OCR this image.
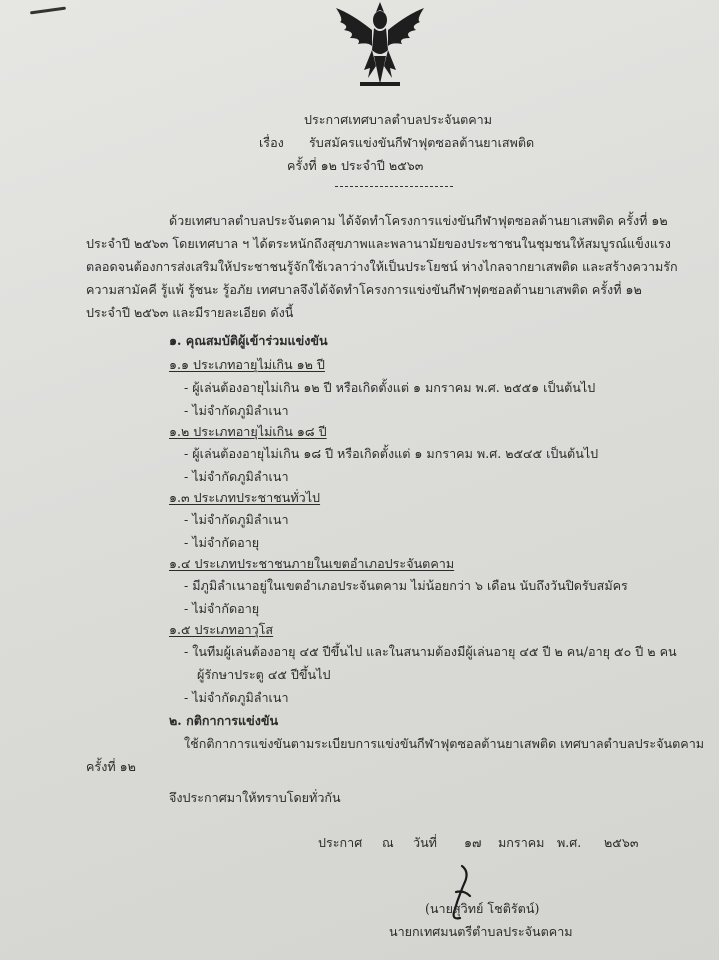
ประกาศเทศบาลตำบลประจันตคาม
เรื่อง รับสมัครแข่งขันกีฬาฟุตซอลต้านยาเสพติด
ครั้งที่ ๑๒ ประจำปี ๒๕๖๓
ด้วยเทศบาลตำบลประจันตคาม ได้จัดทำโครงการแข่งขันกีฬาฟุตซอลต้านยาเสพติด ครั้งที่ ๑๒
ประจำปี ๒๕๖๓ โดยเทศบาล ฯ ได้ตระหนักถึงสุขภาพและพลานามัยของประชาชนในชุมชนให้สมบูรณ์แข็งแรง
ตลอดจนต้องการส่งเสริมให้ประชาชนรู้จักใช้เวลาว่างให้เป็นประโยชน์ ห่างไกลจากยาเสพติด และสร้างความรัก
ความสามัคคี รู้แพ้ รู้ชนะ รู้อภัย เทศบาลจึงได้จัดทำโครงการแข่งขันกีฬาฟุตซอลต้านยาเสพติด ครั้งที่ ๑๒
ประจำปี ๒๕๖๓ และมีรายละเอียด ดังนี้
๑. คุณสมบัติผู้เข้าร่วมแข่งขัน
๑.๑ ประเภทอายุไม่เกิน ๑๒ ปี
- ผู้เล่นต้องอายุไม่เกิน ๑๒ ปี หรือเกิดตั้งแต่ ๑ มกราคม พ.ศ. ๒๕๕๑ เป็นต้นไป
- ไม่จำกัดภูมิลำเนา
๑.๒ ประเภทอายุไม่เกิน ๑๘ ปี
- ผู้เล่นต้องอายุไม่เกิน ๑๘ ปี หรือเกิดตั้งแต่ ๑ มกราคม พ.ศ. ๒๕๔๕ เป็นต้นไป
- ไม่จำกัดภูมิลำเนา
๑.๓ ประเภทประชาชนทั่วไป
- ไม่จำกัดภูมิลำเนา
- ไม่จำกัดอายุ
๑.๔ ประเภทประชาชนภายในเขตอำเภอประจันตคาม
- มีภูมิลำเนาอยู่ในเขตอำเภอประจันตคาม ไม่น้อยกว่า ๖ เดือน นับถึงวันปิดรับสมัคร
- ไม่จำกัดอายุ
๑.๕ ประเภทอาวุโส
- ในทีมผู้เล่นต้องอายุ ๔๕ ปีขึ้นไป และในสนามต้องมีผู้เล่นอายุ ๔๕ ปี ๒ คน/อายุ ๕๐ ปี ๒ คน
ผู้รักษาประตู ๔๕ ปีขึ้นไป
- ไม่จำกัดภูมิลำเนา
๒. กติกาการแข่งขัน
ใช้กติกาการแข่งขันตามระเบียบการแข่งขันกีฬาฟุตซอลต้านยาเสพติด เทศบาลตำบลประจันตคาม
ครั้งที่ ๑๒
จึงประกาศมาให้ทราบโดยทั่วกัน
ประกาศ ณ วันที่ ๑๗ มกราคม พ.ศ. ๒๕๖๓
(นายสุวิทย์ โชติรัตน์)
นายกเทศมนตรีตำบลประจันตคาม
